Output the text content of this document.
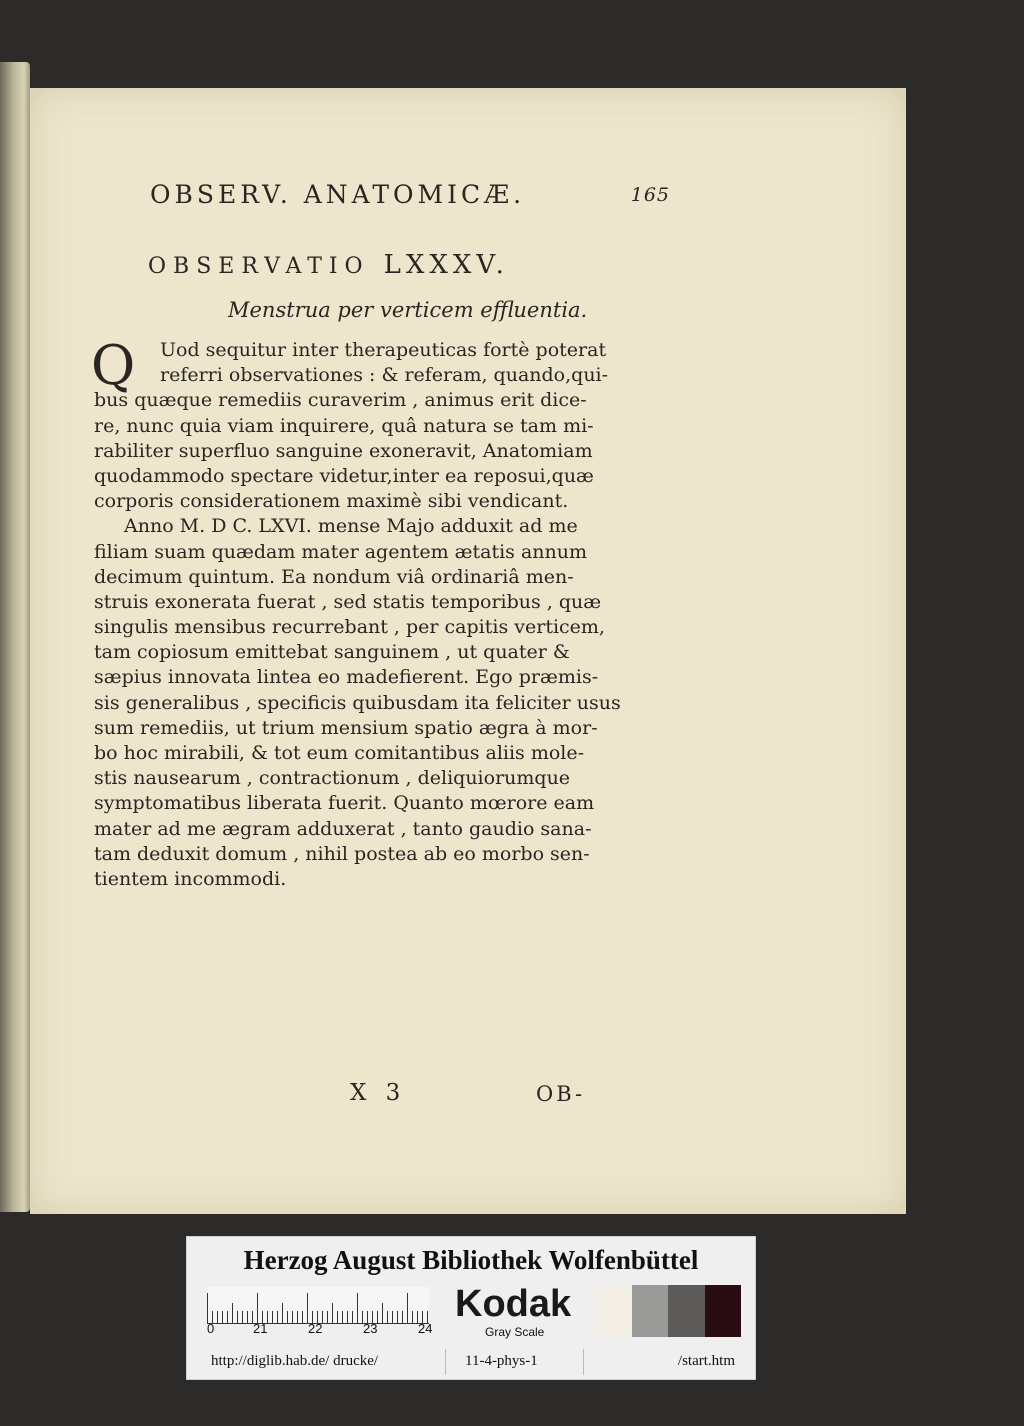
OBSERV. ANATOMICÆ.	165
OBSERVATIO LXXXV.
Menstrua per verticem effluentia.
Q	Uod sequitur inter therapeuticas fortè poterat
referri observationes : & referam, quando,qui-
bus quæque remediis curaverim , animus erit dice-
re, nunc quia viam inquirere, quâ natura se tam mi-
rabiliter superfluo sanguine exoneravit, Anatomiam
quodammodo spectare videtur,inter ea reposui,quæ
corporis considerationem maximè sibi vendicant.
Anno M. D C. LXVI. mense Majo adduxit ad me
filiam suam quædam mater agentem ætatis annum
decimum quintum. Ea nondum viâ ordinariâ men-
struis exonerata fuerat , sed statis temporibus , quæ
singulis mensibus recurrebant , per capitis verticem,
tam copiosum emittebat sanguinem , ut quater &
sæpius innovata lintea eo madefierent. Ego præmis-
sis generalibus , specificis quibusdam ita feliciter usus
sum remediis, ut trium mensium spatio ægra à mor-
bo hoc mirabili, & tot eum comitantibus aliis mole-
stis nausearum , contractionum , deliquiorumque
symptomatibus liberata fuerit. Quanto mœrore eam
mater ad me ægram adduxerat , tanto gaudio sana-
tam deduxit domum , nihil postea ab eo morbo sen-
tientem incommodi.
X 3	OB-
Herzog August Bibliothek Wolfenbüttel
0	21	22	23	24
Kodak
Gray Scale
http://diglib.hab.de/ drucke/	11-4-phys-1	/start.htm
